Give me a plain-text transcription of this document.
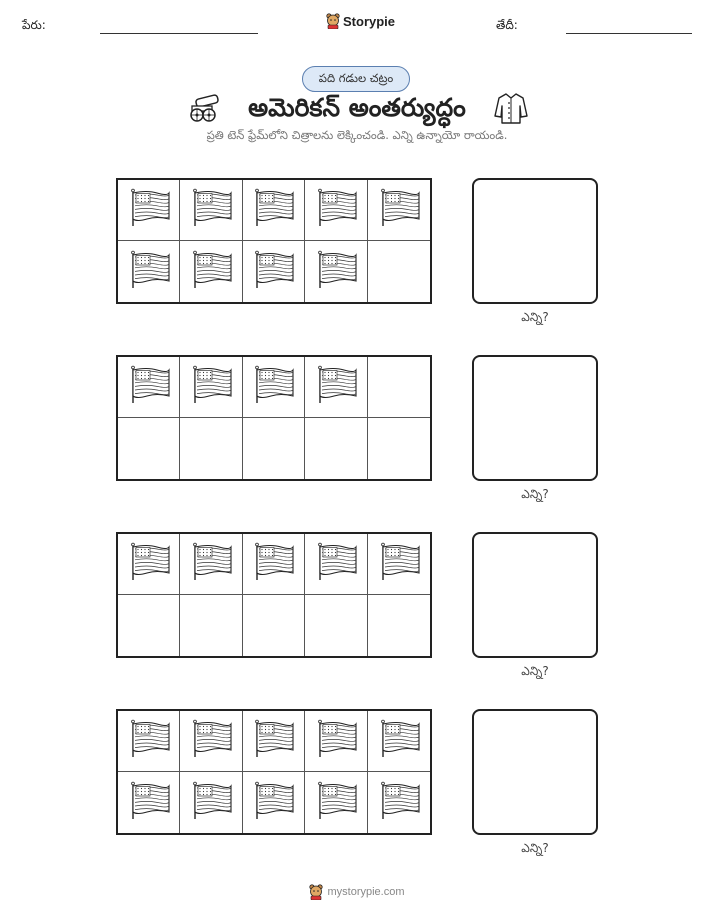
పేరు:	Storypie	తేదీ:
పది గడుల చట్రం
అమెరికన్ అంతర్యుద్ధం
ప్రతి టెన్ ఫ్రేమ్‌లోని చిత్రాలను లెక్కించండి. ఎన్ని ఉన్నాయో రాయండి.
ఎన్ని?
ఎన్ని?
ఎన్ని?
ఎన్ని?
mystorypie.com
